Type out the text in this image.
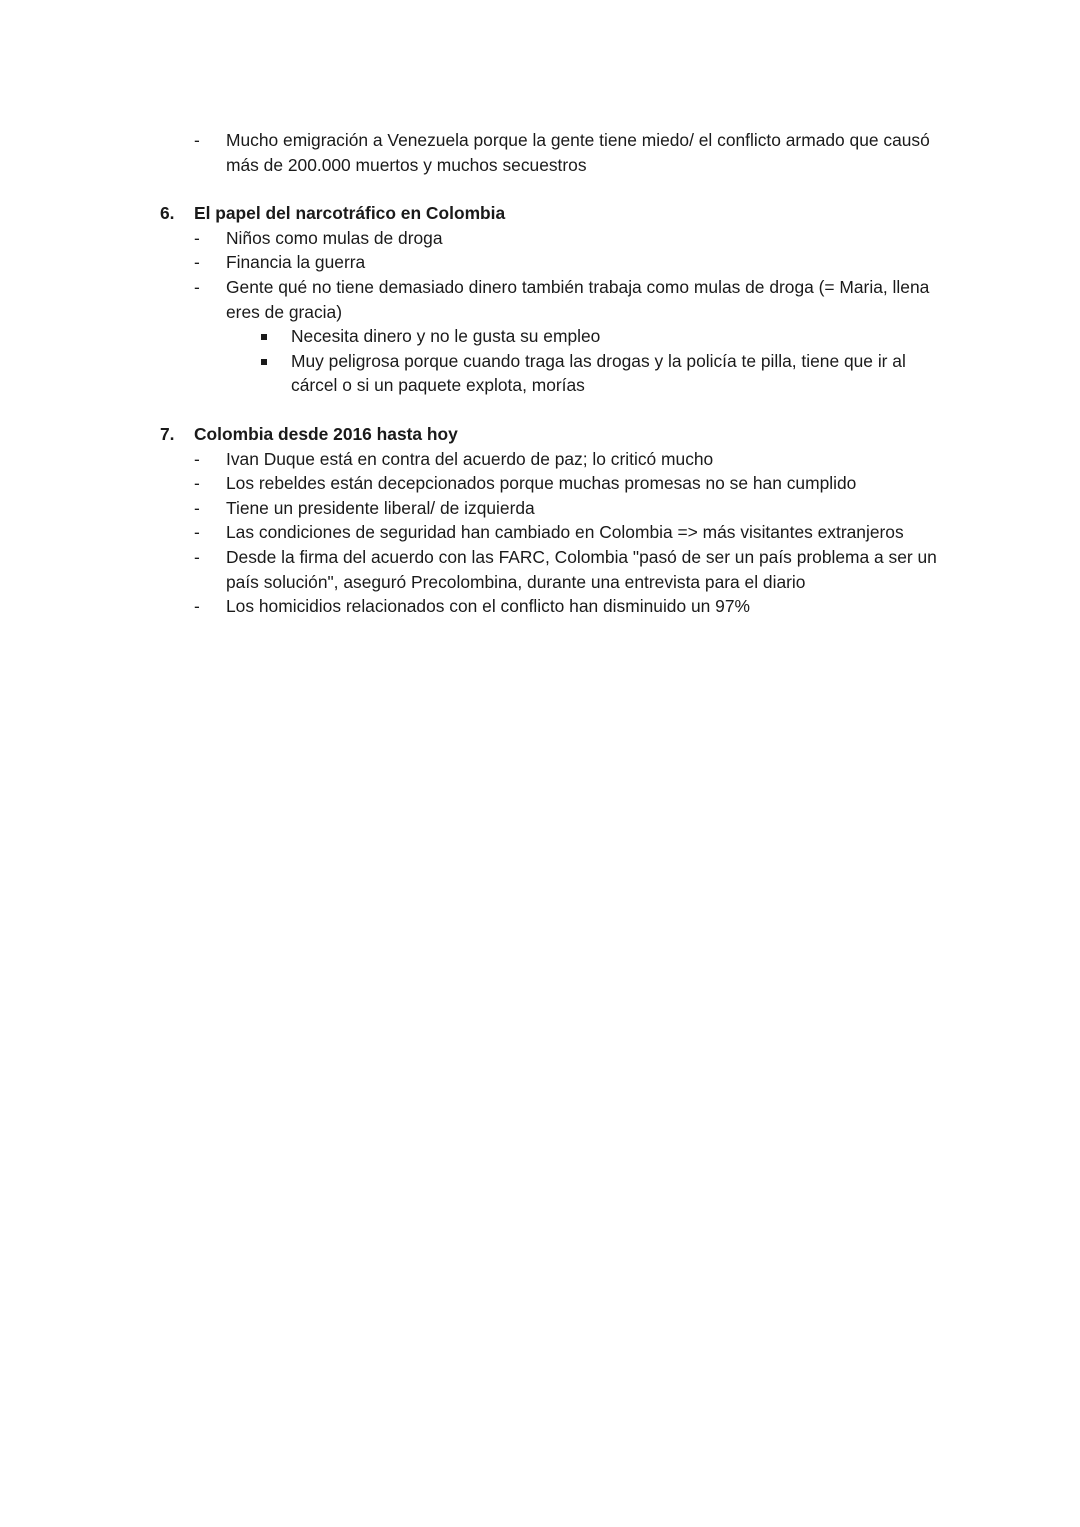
- Mucho emigración a Venezuela porque la gente tiene miedo/ el conflicto armado que causó más de 200.000 muertos y muchos secuestros
6. El papel del narcotráfico en Colombia
- Niños como mulas de droga
- Financia la guerra
- Gente qué no tiene demasiado dinero también trabaja como mulas de droga (= Maria, llena eres de gracia)
Necesita dinero y no le gusta su empleo
Muy peligrosa porque cuando traga las drogas y la policía te pilla, tiene que ir al cárcel o si un paquete explota, morías
7. Colombia desde 2016 hasta hoy
- Ivan Duque está en contra del acuerdo de paz; lo criticó mucho
- Los rebeldes están decepcionados porque muchas promesas no se han cumplido
- Tiene un presidente liberal/ de izquierda
- Las condiciones de seguridad han cambiado en Colombia => más visitantes extranjeros
- Desde la firma del acuerdo con las FARC, Colombia "pasó de ser un país problema a ser un país solución", aseguró Precolombina, durante una entrevista para el diario
- Los homicidios relacionados con el conflicto han disminuido un 97%
